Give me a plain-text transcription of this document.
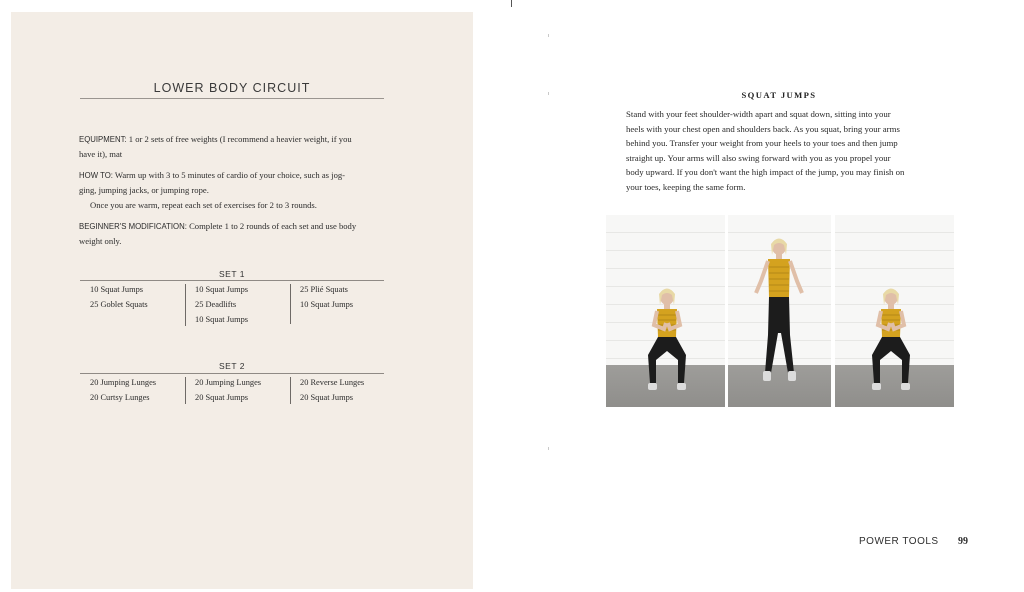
LOWER BODY CIRCUIT
EQUIPMENT: 1 or 2 sets of free weights (I recommend a heavier weight, if you
have it), mat
HOW TO: Warm up with 3 to 5 minutes of cardio of your choice, such as jog-
ging, jumping jacks, or jumping rope.
Once you are warm, repeat each set of exercises for 2 to 3 rounds.
BEGINNER'S MODIFICATION: Complete 1 to 2 rounds of each set and use body
weight only.
SET 1
10 Squat Jumps
25 Goblet Squats
10 Squat Jumps
25 Deadlifts
10 Squat Jumps
25 Plié Squats
10 Squat Jumps
SET 2
20 Jumping Lunges
20 Curtsy Lunges
20 Jumping Lunges
20 Squat Jumps
20 Reverse Lunges
20 Squat Jumps
SQUAT JUMPS
Stand with your feet shoulder-width apart and squat down, sitting into your
heels with your chest open and shoulders back. As you squat, bring your arms
behind you. Transfer your weight from your heels to your toes and then jump
straight up. Your arms will also swing forward with you as you propel your
body upward. If you don't want the high impact of the jump, you may finish on
your toes, keeping the same form.
POWER TOOLS 99
